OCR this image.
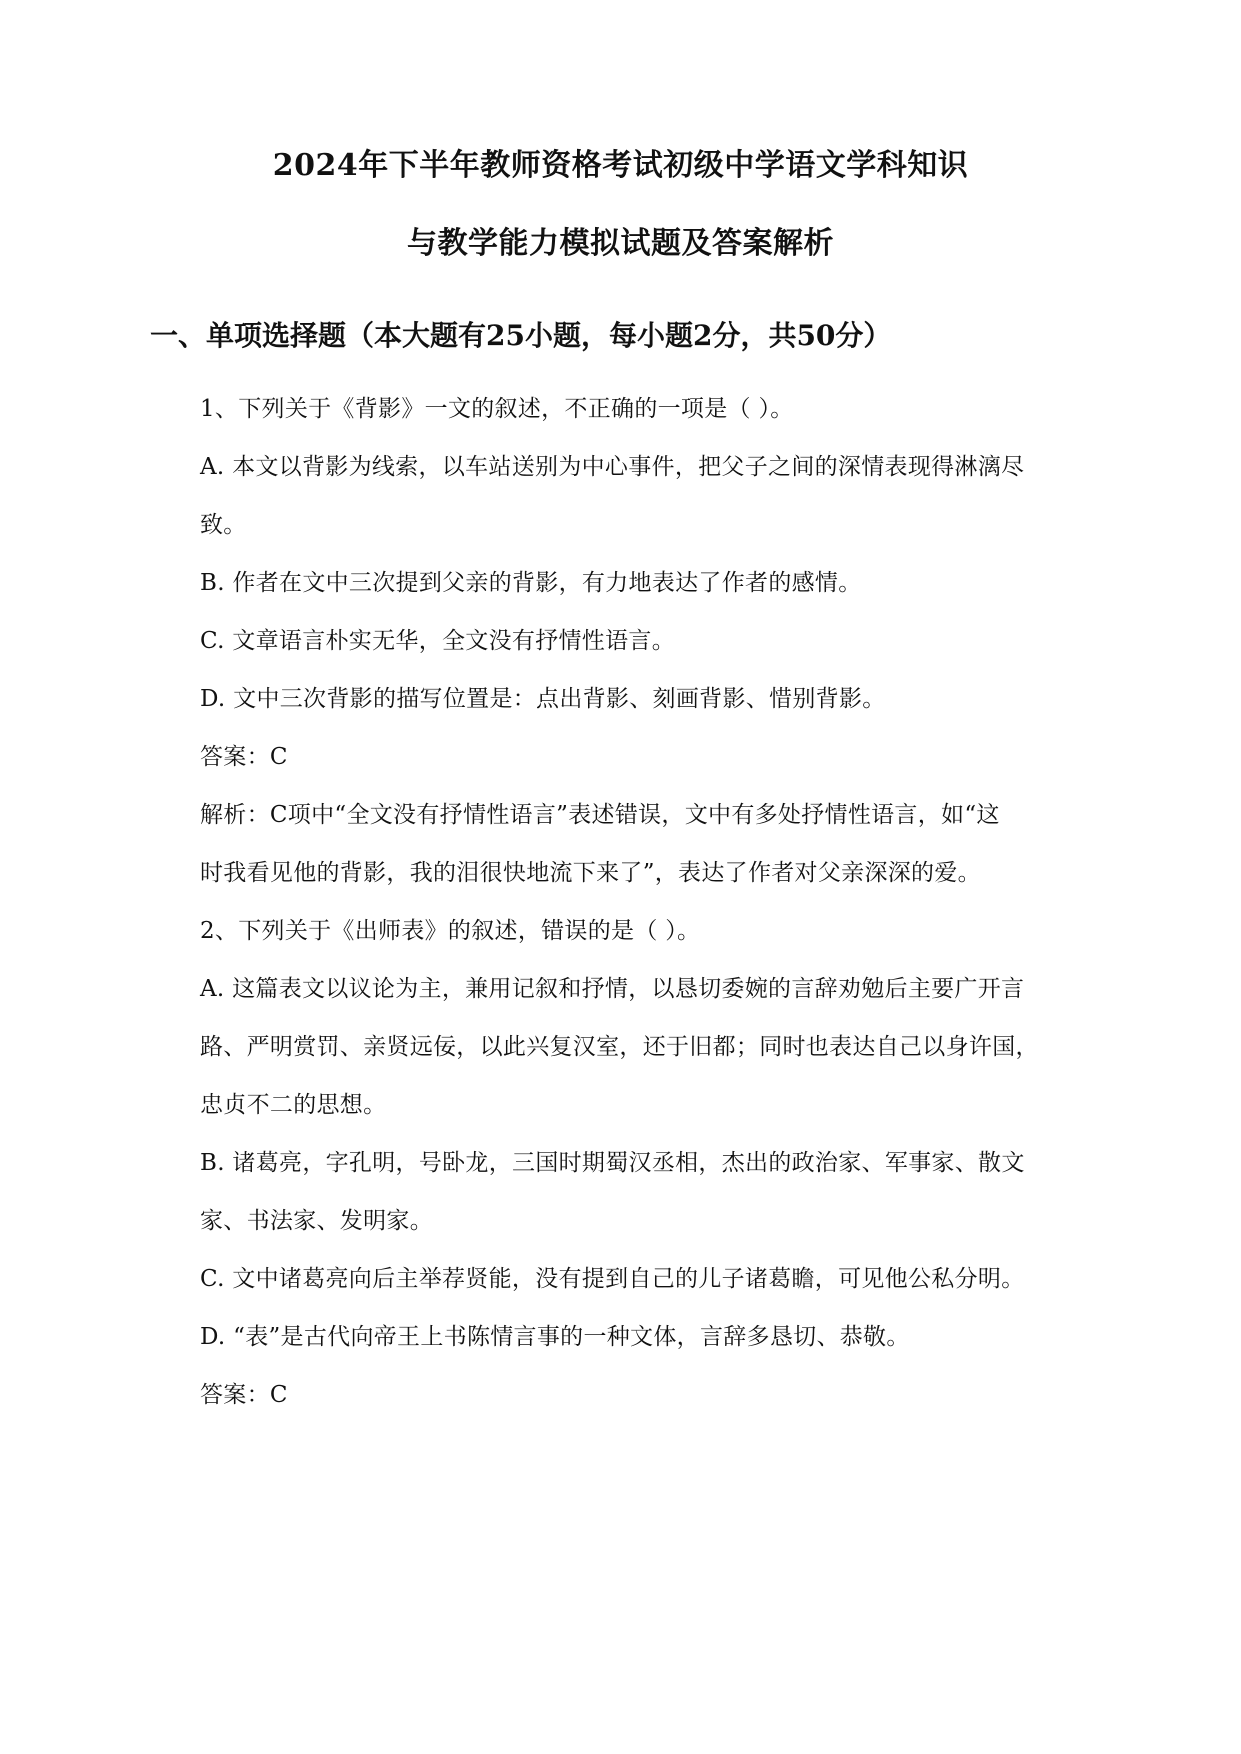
2024年下半年教师资格考试初级中学语文学科知识
与教学能力模拟试题及答案解析
一、单项选择题（本大题有25小题，每小题2分，共50分）
1、下列关于《背影》一文的叙述，不正确的一项是（ ）。
A. 本文以背影为线索，以车站送别为中心事件，把父子之间的深情表现得淋漓尽
致。
B. 作者在文中三次提到父亲的背影，有力地表达了作者的感情。
C. 文章语言朴实无华，全文没有抒情性语言。
D. 文中三次背影的描写位置是：点出背影、刻画背影、惜别背影。
答案：C
解析：C项中“全文没有抒情性语言”表述错误，文中有多处抒情性语言，如“这
时我看见他的背影，我的泪很快地流下来了”，表达了作者对父亲深深的爱。
2、下列关于《出师表》的叙述，错误的是（ ）。
A. 这篇表文以议论为主，兼用记叙和抒情，以恳切委婉的言辞劝勉后主要广开言
路、严明赏罚、亲贤远佞，以此兴复汉室，还于旧都；同时也表达自己以身许国，
忠贞不二的思想。
B. 诸葛亮，字孔明，号卧龙，三国时期蜀汉丞相，杰出的政治家、军事家、散文
家、书法家、发明家。
C. 文中诸葛亮向后主举荐贤能，没有提到自己的儿子诸葛瞻，可见他公私分明。
D. “表”是古代向帝王上书陈情言事的一种文体，言辞多恳切、恭敬。
答案：C
